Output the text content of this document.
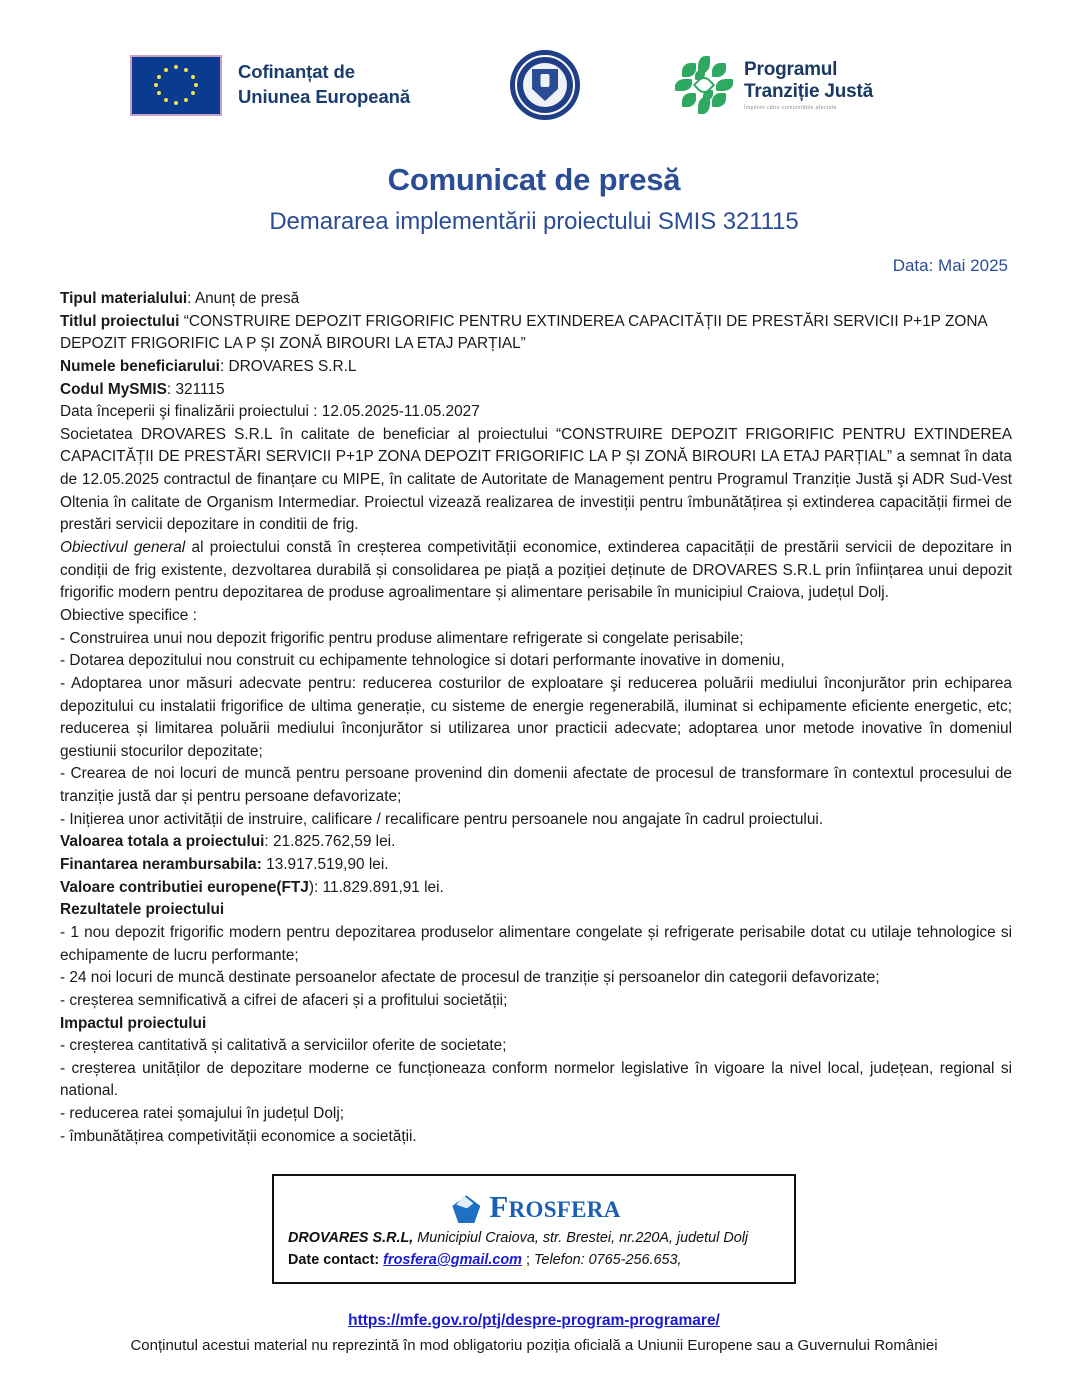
Cofinanțat de
Uniunea Europeană
Programul
Tranziție Justă
Împliniri către comunitățile afectate
Comunicat de presă
Demararea implementării proiectului SMIS 321115
Data: Mai 2025

Tipul materialului: Anunț de presă

Titlul proiectului “CONSTRUIRE DEPOZIT FRIGORIFIC PENTRU EXTINDEREA CAPACITĂȚII DE PRESTĂRI SERVICII P+1P ZONA DEPOZIT FRIGORIFIC LA P ȘI ZONĂ BIROURI LA ETAJ PARȚIAL”

Numele beneficiarului: DROVARES S.R.L

Codul MySMIS: 321115

Data începerii şi finalizării proiectului : 12.05.2025-11.05.2027

Societatea DROVARES S.R.L în calitate de beneficiar al proiectului “CONSTRUIRE DEPOZIT FRIGORIFIC PENTRU EXTINDEREA CAPACITĂȚII DE PRESTĂRI SERVICII P+1P ZONA DEPOZIT FRIGORIFIC LA P ȘI ZONĂ BIROURI LA ETAJ PARȚIAL” a semnat în data de 12.05.2025 contractul de finanțare cu MIPE, în calitate de Autoritate de Management pentru Programul Tranziție Justă şi ADR Sud-Vest Oltenia în calitate de Organism Intermediar. Proiectul vizează realizarea de investiții pentru îmbunătățirea și extinderea capacității firmei de prestări servicii depozitare in conditii de frig.

Obiectivul general al proiectului constă în creșterea competivității economice, extinderea capacității de prestării servicii de depozitare in condiții de frig existente, dezvoltarea durabilă și consolidarea pe piață a poziției deținute de DROVARES S.R.L prin înființarea unui depozit frigorific modern pentru depozitarea de produse agroalimentare și alimentare perisabile în municipiul Craiova, județul Dolj.

Obiective specifice :

- Construirea unui nou depozit frigorific pentru produse alimentare refrigerate si congelate perisabile;

- Dotarea depozitului nou construit cu echipamente tehnologice si dotari performante inovative in domeniu,

- Adoptarea unor măsuri adecvate pentru: reducerea costurilor de exploatare şi reducerea poluării mediului înconjurător prin echiparea depozitului cu instalatii frigorifice de ultima generație, cu sisteme de energie regenerabilă, iluminat si echipamente eficiente energetic, etc; reducerea și limitarea poluării mediului înconjurător si utilizarea unor practicii adecvate; adoptarea unor metode inovative în domeniul gestiunii stocurilor depozitate;

- Crearea de noi locuri de muncă pentru persoane provenind din domenii afectate de procesul de transformare în contextul procesului de tranziție justă dar și pentru persoane defavorizate;

- Inițierea unor activității de instruire, calificare / recalificare pentru persoanele nou angajate în cadrul proiectului.

Valoarea totala a proiectului: 21.825.762,59 lei.

Finantarea nerambursabila: 13.917.519,90 lei.

Valoare contributiei europene(FTJ): 11.829.891,91 lei.

Rezultatele proiectului

- 1 nou depozit frigorific modern pentru depozitarea produselor alimentare congelate și refrigerate perisabile dotat cu utilaje tehnologice si echipamente de lucru performante;

- 24 noi locuri de muncă destinate persoanelor afectate de procesul de tranziție și persoanelor din categorii defavorizate;

- creșterea semnificativă a cifrei de afaceri și a profitului societății;

Impactul proiectului

- creșterea cantitativă și calitativă a serviciilor oferite de societate;

- creșterea unităților de depozitare moderne ce funcționeaza conform normelor legislative în vigoare la nivel local, județean, regional si national.

- reducerea ratei șomajului în județul Dolj;

- îmbunătățirea competivității economice a societății.

FROSFERA
DROVARES S.R.L, Municipiul Craiova, str. Brestei, nr.220A, judetul Dolj
Date contact: frosfera@gmail.com ; Telefon: 0765-256.653,
https://mfe.gov.ro/ptj/despre-program-programare/
Conținutul acestui material nu reprezintă în mod obligatoriu poziția oficială a Uniunii Europene sau a Guvernului României
